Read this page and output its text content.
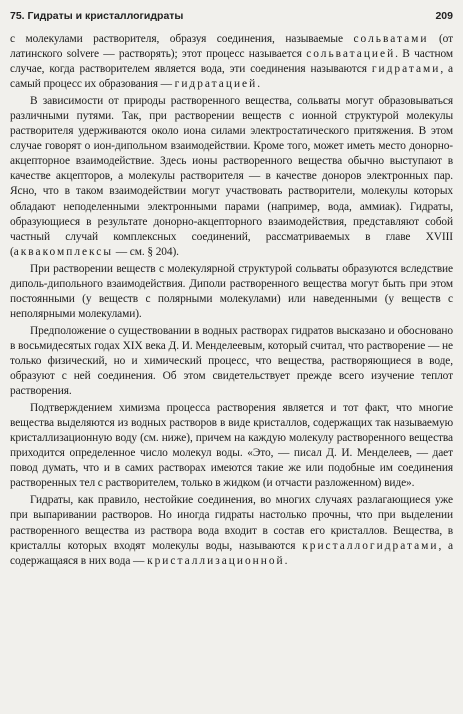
75. Гидраты и кристаллогидраты	209

с молекулами растворителя, образуя соединения, называемые сольватами (от латинского solvere — растворять); этот процесс называется сольватацией. В частном случае, когда растворителем является вода, эти соединения называются гидратами, а самый процесс их образования — гидратацией.

В зависимости от природы растворенного вещества, сольваты могут образовываться различными путями. Так, при растворении веществ с ионной структурой молекулы растворителя удерживаются около иона силами электростатического притяжения. В этом случае говорят о ион-дипольном взаимодействии. Кроме того, может иметь место донорно-акцепторное взаимодействие. Здесь ионы растворенного вещества обычно выступают в качестве акцепторов, а молекулы растворителя — в качестве доноров электронных пар. Ясно, что в таком взаимодействии могут участвовать растворители, молекулы которых обладают неподеленными электронными парами (например, вода, аммиак). Гидраты, образующиеся в результате донорно-акцепторного взаимодействия, представляют собой частный случай комплексных соединений, рассматриваемых в главе XVIII (аквакомплексы — см. § 204).

При растворении веществ с молекулярной структурой сольваты образуются вследствие диполь-дипольного взаимодействия. Диполи растворенного вещества могут быть при этом постоянными (у веществ с полярными молекулами) или наведенными (у веществ с неполярными молекулами).

Предположение о существовании в водных растворах гидратов высказано и обосновано в восьмидесятых годах XIX века Д. И. Менделеевым, который считал, что растворение — не только физический, но и химический процесс, что вещества, растворяющиеся в воде, образуют с ней соединения. Об этом свидетельствует прежде всего изучение теплот растворения.

Подтверждением химизма процесса растворения является и тот факт, что многие вещества выделяются из водных растворов в виде кристаллов, содержащих так называемую кристаллизационную воду (см. ниже), причем на каждую молекулу растворенного вещества приходится определенное число молекул воды. «Это, — писал Д. И. Менделеев, — дает повод думать, что и в самих растворах имеются такие же или подобные им соединения растворенных тел с растворителем, только в жидком (и отчасти разложенном) виде».

Гидраты, как правило, нестойкие соединения, во многих случаях разлагающиеся уже при выпаривании растворов. Но иногда гидраты настолько прочны, что при выделении растворенного вещества из раствора вода входит в состав его кристаллов. Вещества, в кристаллы которых входят молекулы воды, называются кристаллогидратами, а содержащаяся в них вода — кристаллизационной.
